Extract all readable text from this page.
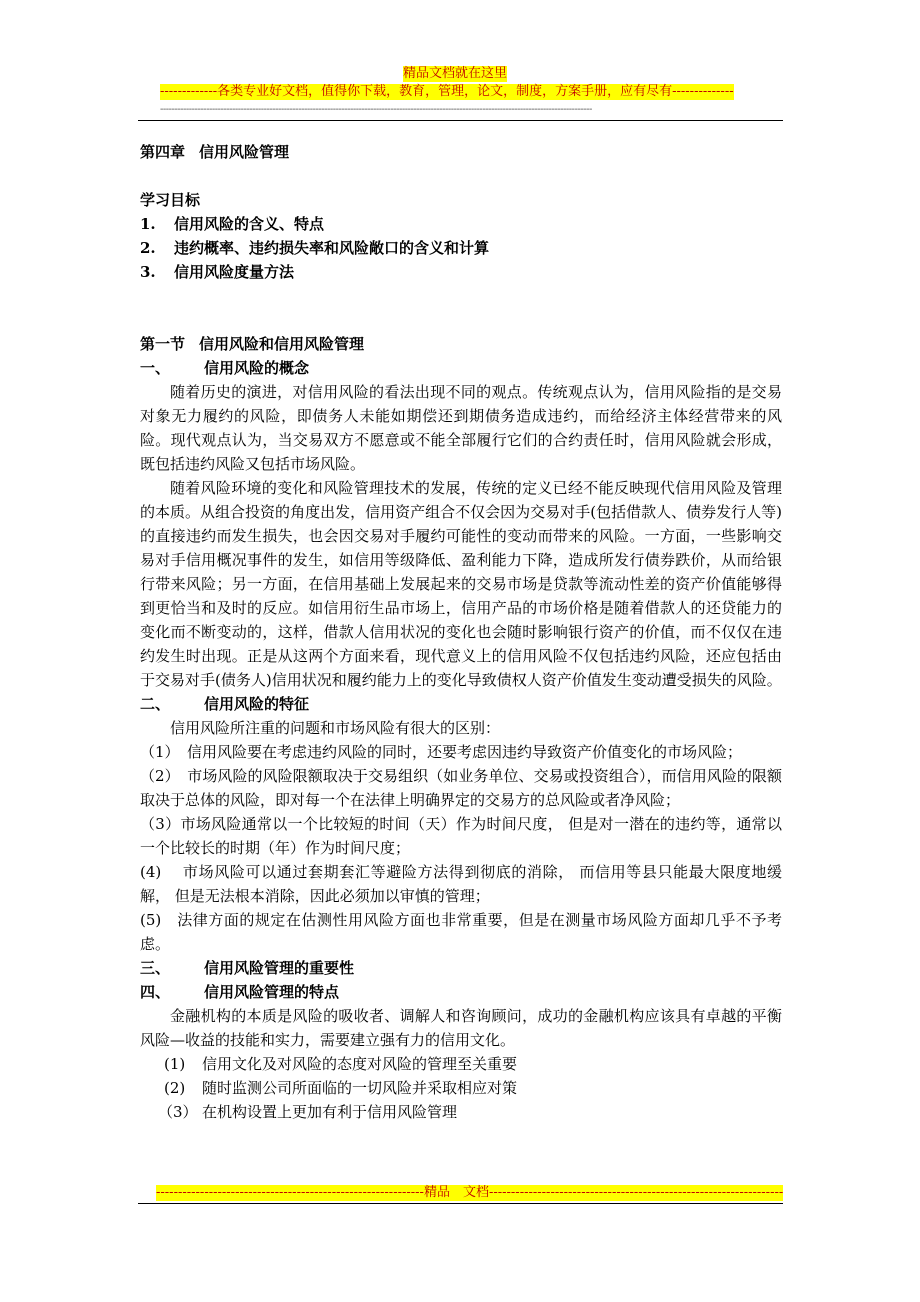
精品文档就在这里
-------------各类专业好文档，值得你下载，教育，管理，论文，制度，方案手册，应有尽有--------------
------------------------------------------------------------------------------------------------------------------------------------------------------
第四章 信用风险管理
学习目标
1.	信用风险的含义、特点
2.	违约概率、违约损失率和风险敞口的含义和计算
3.	信用风险度量方法
第一节 信用风险和信用风险管理
一、	信用风险的概念

随着历史的演进，对信用风险的看法出现不同的观点。传统观点认为，信用风险指的是交易对象无力履约的风险，即债务人未能如期偿还到期债务造成违约，而给经济主体经营带来的风险。现代观点认为，当交易双方不愿意或不能全部履行它们的合约责任时，信用风险就会形成，既包括违约风险又包括市场风险。

随着风险环境的变化和风险管理技术的发展，传统的定义已经不能反映现代信用风险及管理的本质。从组合投资的角度出发，信用资产组合不仅会因为交易对手(包括借款人、债券发行人等)的直接违约而发生损失，也会因交易对手履约可能性的变动而带来的风险。一方面，一些影响交易对手信用概况事件的发生，如信用等级降低、盈利能力下降，造成所发行债券跌价，从而给银行带来风险；另一方面，在信用基础上发展起来的交易市场是贷款等流动性差的资产价值能够得到更恰当和及时的反应。如信用衍生品市场上，信用产品的市场价格是随着借款人的还贷能力的变化而不断变动的，这样，借款人信用状况的变化也会随时影响银行资产的价值，而不仅仅在违约发生时出现。正是从这两个方面来看，现代意义上的信用风险不仅包括违约风险，还应包括由于交易对手(债务人)信用状况和履约能力上的变化导致债权人资产价值发生变动遭受损失的风险。

二、	信用风险的特征

信用风险所注重的问题和市场风险有很大的区别：

（1）　信用风险要在考虑违约风险的同时，还要考虑因违约导致资产价值变化的市场风险；

（2）　市场风险的风险限额取决于交易组织（如业务单位、交易或投资组合），而信用风险的限额取决于总体的风险，即对每一个在法律上明确界定的交易方的总风险或者净风险；

（3）市场风险通常以一个比较短的时间（天）作为时间尺度， 但是对一潜在的违约等，通常以一个比较长的时期（年）作为时间尺度；

(4)　 市场风险可以通过套期套汇等避险方法得到彻底的消除， 而信用等县只能最大限度地缓解， 但是无法根本消除，因此必须加以审慎的管理；

(5)　法律方面的规定在估测性用风险方面也非常重要，但是在测量市场风险方面却几乎不予考虑。

三、	信用风险管理的重要性
四、	信用风险管理的特点

金融机构的本质是风险的吸收者、调解人和咨询顾问，成功的金融机构应该具有卓越的平衡风险—收益的技能和实力，需要建立强有力的信用文化。

(1) 信用文化及对风险的态度对风险的管理至关重要
(2) 随时监测公司所面临的一切风险并采取相应对策
（3） 在机构设置上更加有利于信用风险管理
-------------------------------------------------------------精品　文档-------------------------------------------------------------------
